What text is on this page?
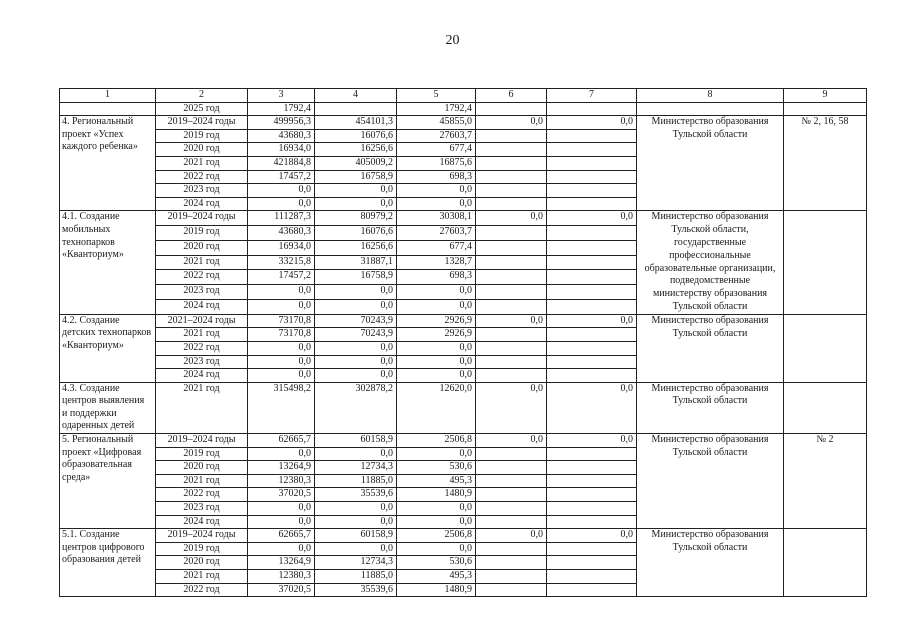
20
1	2	3	4	5	6	7	8	9
	2025 год	1792,4		1792,4				
4. Региональный проект «Успех каждого ребенка»	2019–2024 годы	499956,3	454101,3	45855,0	0,0	0,0	Министерство образования Тульской области	№ 2, 16, 58
	2019 год	43680,3	16076,6	27603,7				
	2020 год	16934,0	16256,6	677,4				
	2021 год	421884,8	405009,2	16875,6				
	2022 год	17457,2	16758,9	698,3				
	2023 год	0,0	0,0	0,0				
	2024 год	0,0	0,0	0,0				
4.1. Создание мобильных технопарков «Кванториум»	2019–2024 годы	111287,3	80979,2	30308,1	0,0	0,0	Министерство образования Тульской области, государственные профессиональные образовательные организации, подведомственные министерству образования Тульской области	
	2019 год	43680,3	16076,6	27603,7				
	2020 год	16934,0	16256,6	677,4				
	2021 год	33215,8	31887,1	1328,7				
	2022 год	17457,2	16758,9	698,3				
	2023 год	0,0	0,0	0,0				
	2024 год	0,0	0,0	0,0				
4.2. Создание детских технопарков «Кванториум»	2021–2024 годы	73170,8	70243,9	2926,9	0,0	0,0	Министерство образования Тульской области	
	2021 год	73170,8	70243,9	2926,9				
	2022 год	0,0	0,0	0,0				
	2023 год	0,0	0,0	0,0				
	2024 год	0,0	0,0	0,0				
4.3. Создание центров выявления и поддержки одаренных детей	2021 год	315498,2	302878,2	12620,0	0,0	0,0	Министерство образования Тульской области	
5. Региональный проект «Цифровая образовательная среда»	2019–2024 годы	62665,7	60158,9	2506,8	0,0	0,0	Министерство образования Тульской области	№ 2
	2019 год	0,0	0,0	0,0				
	2020 год	13264,9	12734,3	530,6				
	2021 год	12380,3	11885,0	495,3				
	2022 год	37020,5	35539,6	1480,9				
	2023 год	0,0	0,0	0,0				
	2024 год	0,0	0,0	0,0				
5.1. Создание центров цифрового образования детей	2019–2024 годы	62665,7	60158,9	2506,8	0,0	0,0	Министерство образования Тульской области	
	2019 год	0,0	0,0	0,0				
	2020 год	13264,9	12734,3	530,6				
	2021 год	12380,3	11885,0	495,3				
	2022 год	37020,5	35539,6	1480,9				
